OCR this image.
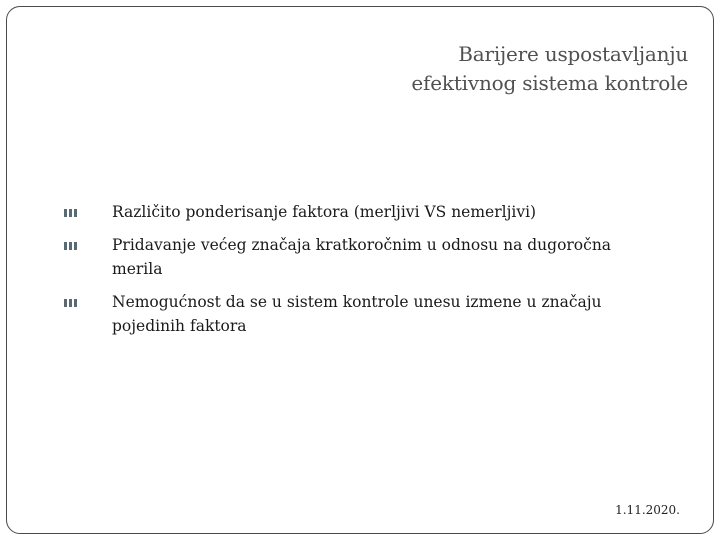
Barijere uspostavljanju
efektivnog sistema kontrole
Različito ponderisanje faktora (merljivi VS nemerljivi)
Pridavanje većeg značaja kratkoročnim u odnosu na dugoročna merila
Nemogućnost da se u sistem kontrole unesu izmene u značaju pojedinih faktora
1.11.2020.
